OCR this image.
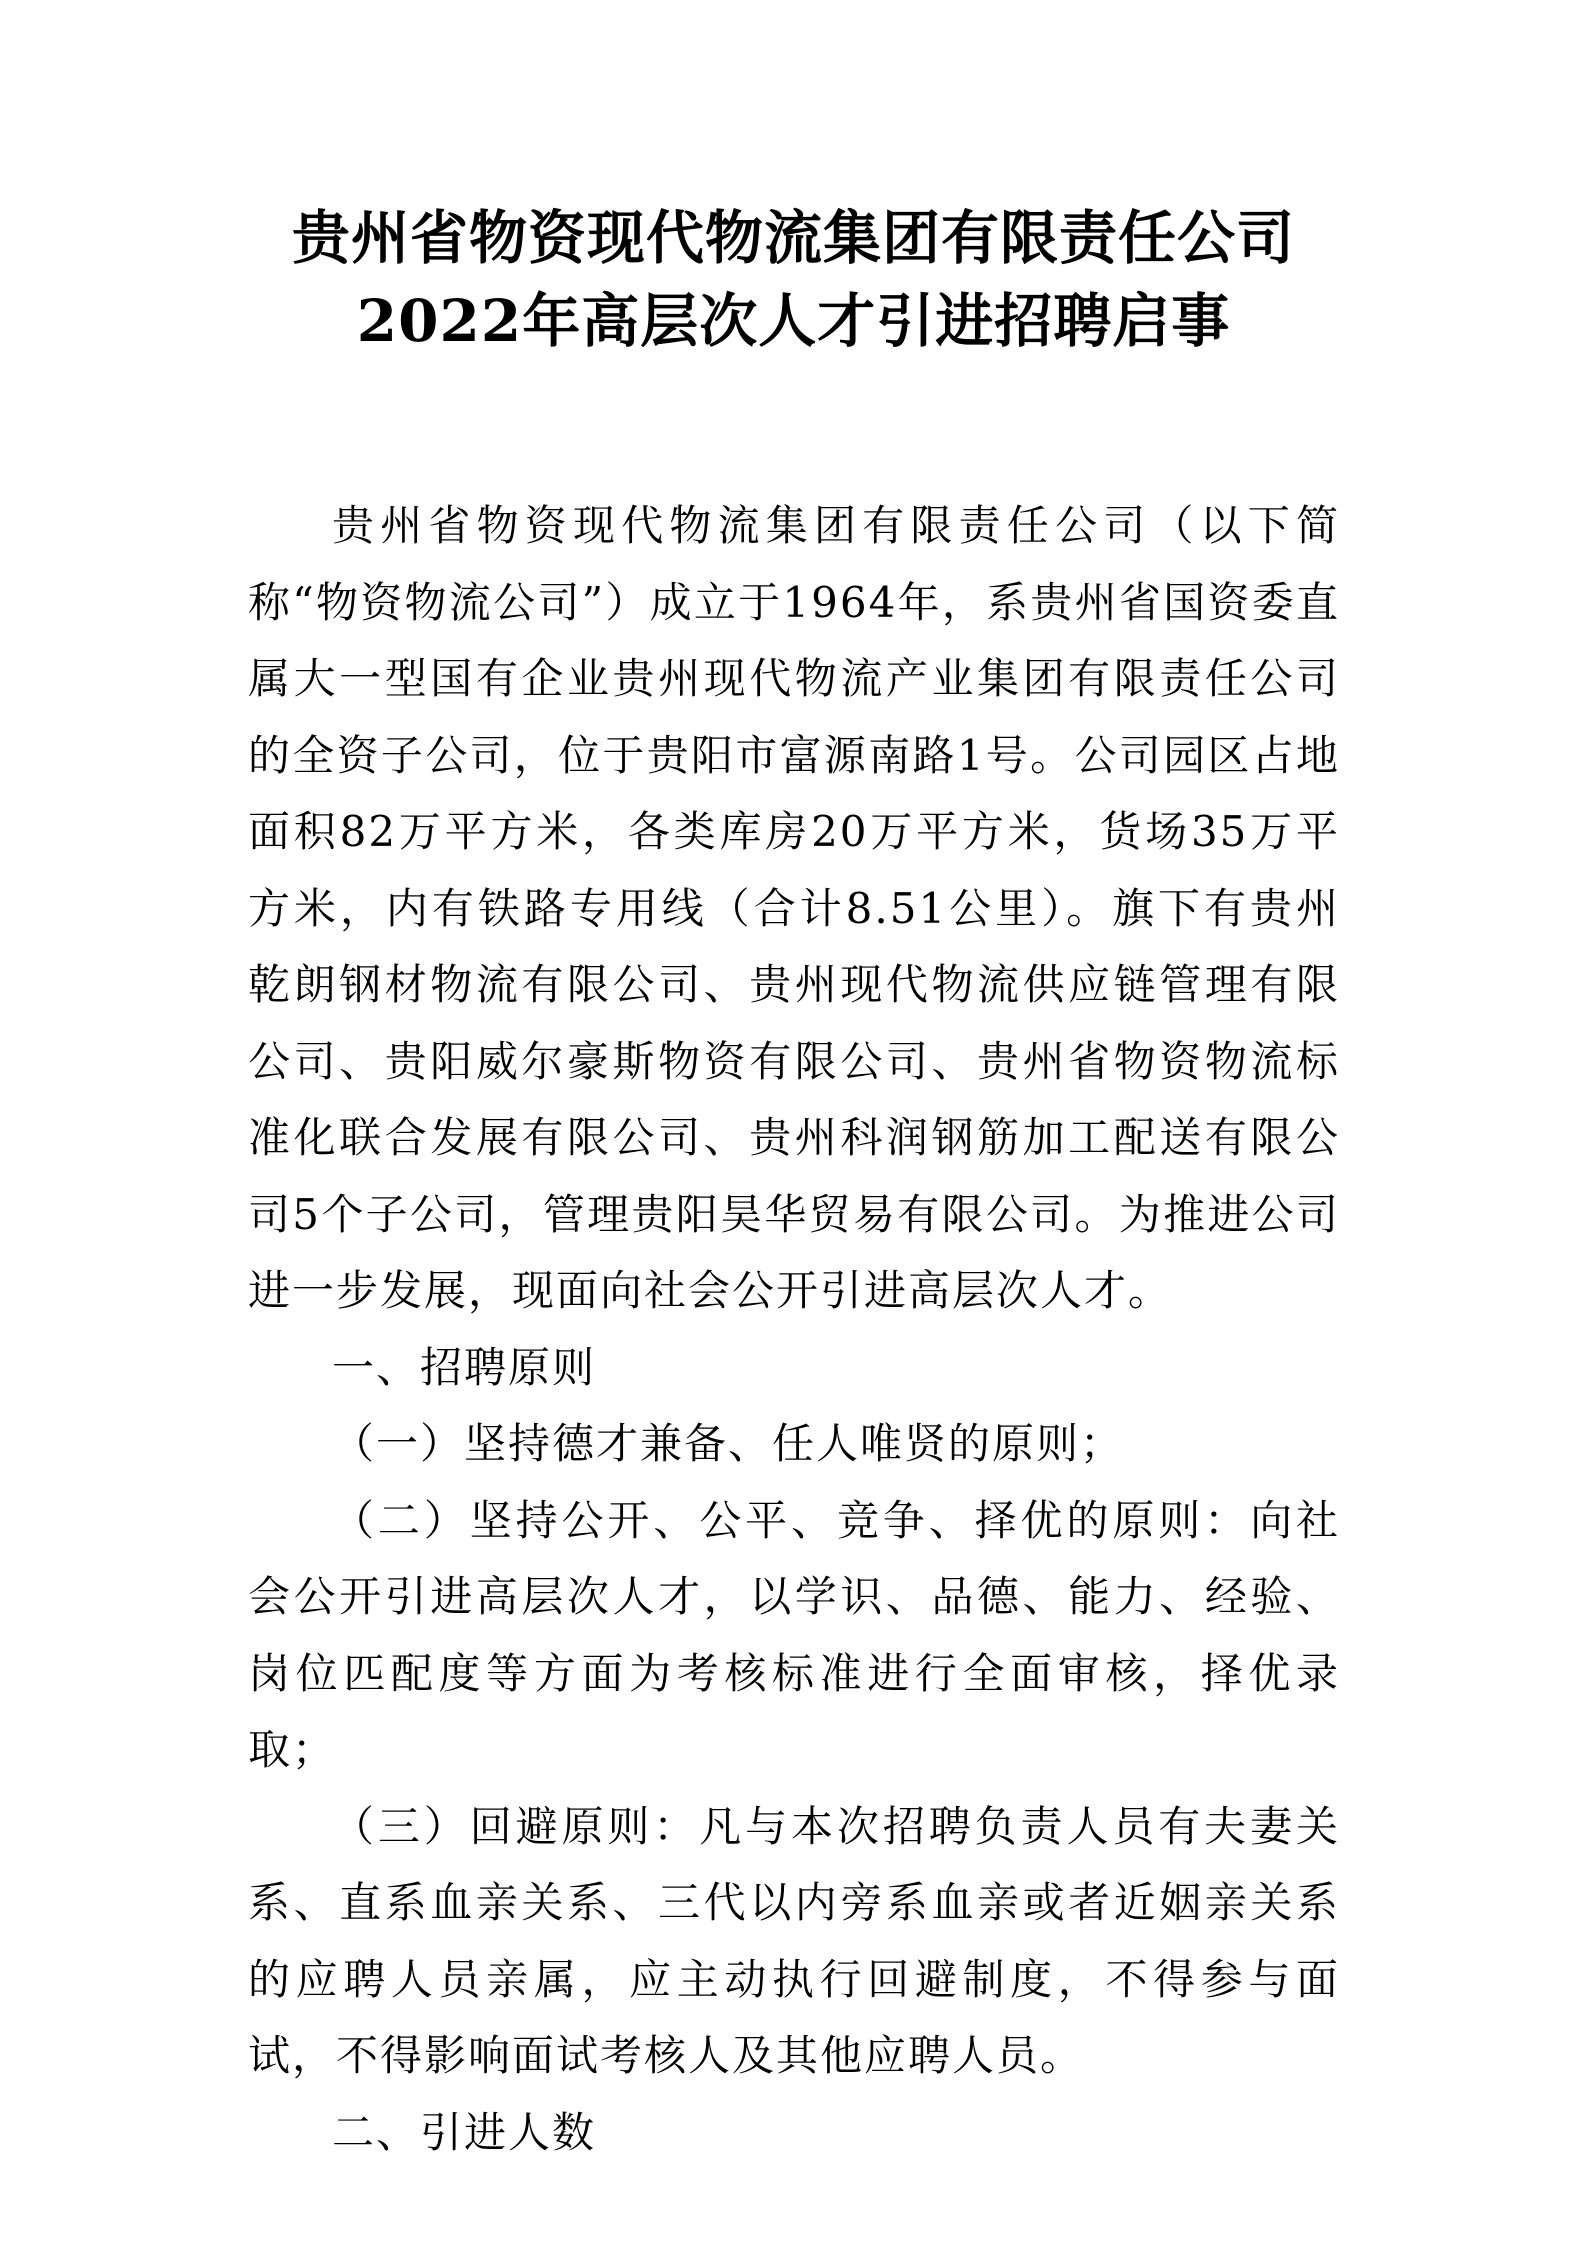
贵州省物资现代物流集团有限责任公司
2022年高层次人才引进招聘启事

贵州省物资现代物流集团有限责任公司（以下简称“物资物流公司”）成立于1964年，系贵州省国资委直属大一型国有企业贵州现代物流产业集团有限责任公司的全资子公司，位于贵阳市富源南路1号。公司园区占地面积82万平方米，各类库房20万平方米，货场35万平方米，内有铁路专用线（合计8.51公里）。旗下有贵州乾朗钢材物流有限公司、贵州现代物流供应链管理有限公司、贵阳威尔豪斯物资有限公司、贵州省物资物流标准化联合发展有限公司、贵州科润钢筋加工配送有限公司5个子公司，管理贵阳昊华贸易有限公司。为推进公司进一步发展，现面向社会公开引进高层次人才。

一、招聘原则

（一）坚持德才兼备、任人唯贤的原则；

（二）坚持公开、公平、竞争、择优的原则：向社会公开引进高层次人才，以学识、品德、能力、经验、岗位匹配度等方面为考核标准进行全面审核，择优录取；

（三）回避原则：凡与本次招聘负责人员有夫妻关系、直系血亲关系、三代以内旁系血亲或者近姻亲关系的应聘人员亲属，应主动执行回避制度，不得参与面试，不得影响面试考核人及其他应聘人员。

二、引进人数
